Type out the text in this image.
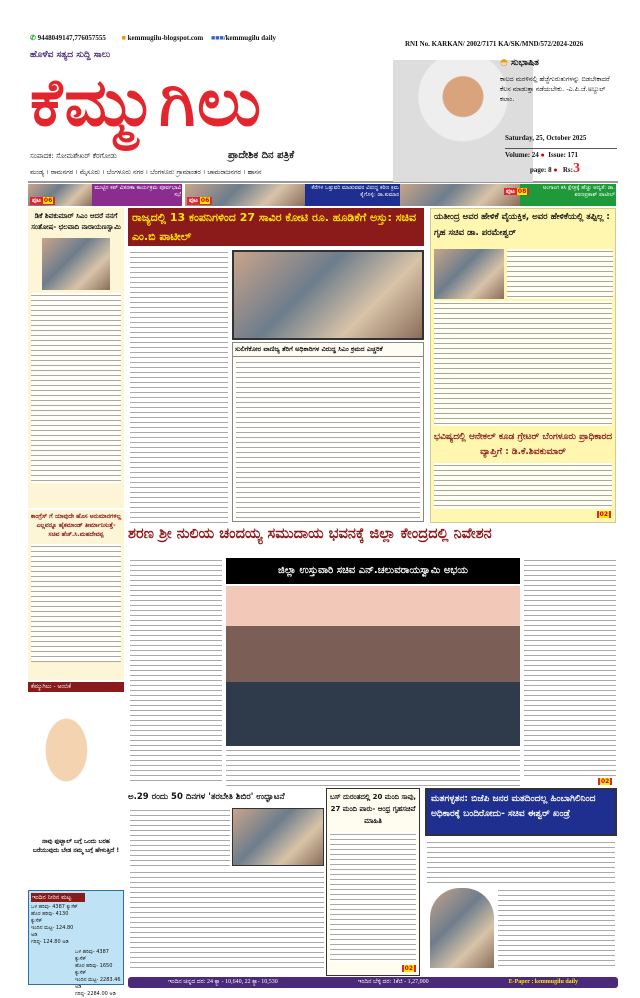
✆ 9448049147,776057555 ■ kemmugilu-blogspot.com ■■■/kemmugilu daily
ಹೊಳೆವ ಸತ್ಯದ ಸುದ್ದಿ ಸಾಲು
ಕೆಮ್ಮುಗಿಲು
ಪ್ರಾದೇಶಿಕ ದಿನ ಪತ್ರಿಕೆ
ಸಂಪಾದಕ: ಸೋಮಶೇಖರ್ ಕೆರಗೋಡು
ಮಂಡ್ಯ । ರಾಮನಗರ । ಮೈಸೂರು । ಬೆಂಗಳೂರು ನಗರ । ಬೆಂಗಳೂರು ಗ್ರಾಮಾಂತರ । ಚಾಮರಾಜನಗರ । ಹಾಸನ
RNI No. KARKAN/ 2002/7171 KA/SK/MND/572/2024-2026
◓ ಸುಭಾಷಿತ
ಕಾಲದ ಮರಳಿನಲ್ಲಿ ಹೆಜ್ಜೆಗುರುತುಗಳನ್ನು ಬಿಡಬೇಕಾದರೆ ಕೆಲಸ ಮಾಡುತ್ತಾ ನಡೆಯಬೇಕು. -ಎ.ಪಿ.ಜೆ.ಅಬ್ದುಲ್ ಕಲಾಂ.
Saturday, 25, October 2025
Volume: 24 ● Issue: 171
page: 8 ● Rs:3
ಪುಟ 06
ಮುಟ್ಟಿನ ಕಪ್ ವಿತರಣಾ ಕಾರ್ಯಕ್ರಮ ಪೂರ್ವಭಾವಿ ಸಭೆ
ಪುಟ 06
ಕೆರೆಗಳ ಒತ್ತುವರಿ ಮಾಡುವವರ ವಿರುದ್ಧ ಕಠಿಣ ಕ್ರಮ ಕೈಗೊಳ್ಳಿ: ಡಾ.ಕುಮಾರ
ಅಂಗಾಂಗ ಕಸಿ ಕ್ಷೇತ್ರಕ್ಕೆ ಹೆಚ್ಚು ಆದ್ಯತೆ: ಡಾ. ಶರಣಪ್ರಕಾಶ್ ಪಾಟೀಲ್
ಪುಟ 08
ಡಿಕೆ ಶಿವಕುಮಾರ್ ಸಿಎಂ ಆದರೆ ನನಗೆ ಸಂತೋಷ- ಛಲವಾದಿ ನಾರಾಯಣಸ್ವಾಮಿ
ಕಾಂಗ್ರೆಸ್ ಗೆ ಯಾವುದೇ ಹೊಸ ಅನುಮಾನಗಳಿಲ್ಲ ಎಲ್ಲವನ್ನೂ ಹೈಕಮಾಂಡ್ ತೀರ್ಮಾನಿಸುತ್ತೆ- ಸಚಿವ ಹೆಚ್.ಸಿ.ಮಹದೇವಪ್ಪ
ಕೆಮ್ಮುಗಿಲು - ಅಂಬಿಕೆ
ನಾವು ಫುಟ್ಬಾಲ್ ಬಗ್ಗೆ ಒಂದು ಬರಹ ಬರೆಯುವುದು ಬೇಡ ನಮ್ಮ ಬಗ್ಗೆ ಹೇಳುತ್ತಿದೆ !
ಇಂದಿನ ನೀರಿನ ಮಟ್ಟ
ಒಳ ಹರಿವು- 4387 ಕ್ಯುಸೆಕ್
ಹೊರ ಹರಿವು- 4130 ಕ್ಯುಸೆಕ್
ಇಂದಿನ ಮಟ್ಟ- 124.80 ಅಡಿ
ಗರಿಷ್ಠ- 124.80 ಅಡಿ
ಒಳ ಹರಿವು- 4387 ಕ್ಯುಸೆಕ್
ಹೊರ ಹರಿವು- 1650 ಕ್ಯುಸೆಕ್
ಇಂದಿನ ಮಟ್ಟ- 2283.46 ಅಡಿ
ಗರಿಷ್ಠ- 2284.00 ಅಡಿ
ರಾಜ್ಯದಲ್ಲಿ 13 ಕಂಪನಿಗಳಿಂದ 27 ಸಾವಿರ ಕೋಟಿ ರೂ. ಹೂಡಿಕೆಗೆ ಅಸ್ತು: ಸಚಿವ ಎಂ.ಬಿ ಪಾಟೀಲ್
ಸುಲಿಗೆಕೋರ ವಾಣಿಜ್ಯ ತೆರಿಗೆ ಅಧಿಕಾರಿಗಳ ವಿರುದ್ಧ ಸಿಎಂ ಕ್ರಮದ ಎಚ್ಚರಿಕೆ
ಯತೀಂದ್ರ ಅವರ ಹೇಳಿಕೆ ವೈಯಕ್ತಿಕ, ಅವರ ಹೇಳಿಕೆಯಲ್ಲಿ ತಪ್ಪಿಲ್ಲ : ಗೃಹ ಸಚಿವ ಡಾ. ಪರಮೇಶ್ವರ್
ಭವಿಷ್ಯದಲ್ಲಿ ಆನೇಕಲ್ ಕೂಡ ಗ್ರೇಟರ್ ಬೆಂಗಳೂರು ಪ್ರಾಧಿಕಾರದ ವ್ಯಾಪ್ತಿಗೆ : ಡಿ.ಕೆ.ಶಿವಕುಮಾರ್
02
ಶರಣ ಶ್ರೀ ನುಲಿಯ ಚಂದಯ್ಯ ಸಮುದಾಯ ಭವನಕ್ಕೆ ಜಿಲ್ಲಾ ಕೇಂದ್ರದಲ್ಲಿ ನಿವೇಶನ
ಜಿಲ್ಲಾ ಉಸ್ತುವಾರಿ ಸಚಿವ ಎನ್.ಚಲುವರಾಯಸ್ವಾಮಿ ಅಭಯ
02
ಅ.29 ರಂದು 50 ದಿನಗಳ 'ತರಬೇತಿ ಶಿಬಿರ' ಉದ್ಘಾಟನೆ	ಬಸ್ ದುರಂತದಲ್ಲಿ 20 ಮಂದಿ ಸಾವು, 27 ಮಂದಿ ಪಾರು- ಆಂಧ್ರ ಗೃಹಸಚಿವೆ ಮಾಹಿತಿ
02
ಮತಗಳ್ಳತನ: ಬಿಜೆಪಿ ಜನರ ಮತದಿಂದಲ್ಲ ಹಿಂಬಾಗಿಲಿನಿಂದ ಅಧಿಕಾರಕ್ಕೆ ಬಂದಿರೋದು- ಸಚಿವ ಈಶ್ವರ್ ಖಂಡ್ರೆ
ಇಂದಿನ ಚಿನ್ನದ ದರ: 24 ಕ್ಯಾ - 10,640, 22 ಕ್ಯಾ- 10,530	ಇಂದಿನ ಬೆಳ್ಳಿ ದರ: 1ಕೆಜಿ - 1,27,000	E-Paper : kemmugilu daily
